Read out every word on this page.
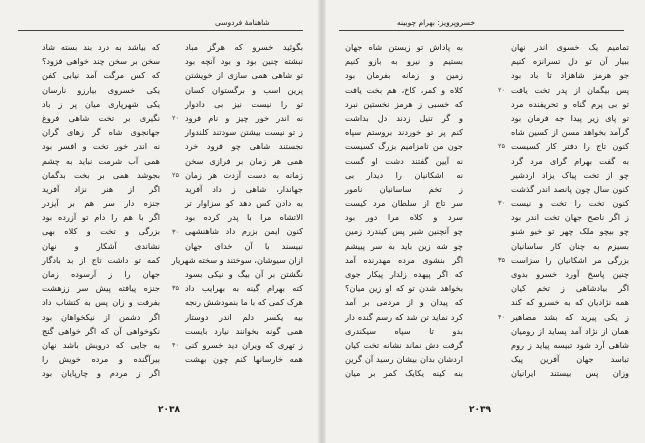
شاهنامهٔ فردوسی
بگوئید خسرو که هرگز مباد
نبشته چنین بود و بود آنچه بود
تو شاهی همی سازی از خویشتن
پرین اسب و برگستوان کسان
تو را نیست نیز بی دادوار
نه اندر خور چیز و نام فرود
ز تو نیست بیشتن سودتند کلندوار
نجستند شاهی چو فرود خرد
همی هر زمان بر فرازی سخن
زمانه به دست آزدت هر زمان
جهاندار، شاهی ز داد آفرید
به دادن کس دهد کو سزاوار تر
الاتشاه مرا با پدر کرده بود
کنون ایمن بزرم داد شاهنشهی
نبیسند با آن خدای جهان
ازان سیوشان، سوختند و سخته شهریار
نگشتن بر آن بیگ و نیکی بسود
کته بهرام گینه به بهرایب داد
هرک کمی که با ما بنمودشش رنجه
بیه یکسر دلم اندر دوستار
همی گونه بخوانند نیارد بایست
ز تهری که ویران دید خسرو کنی
همه خارسانها کنم چون بهشت
که بیاشد به درد بند بسته شاد
سخن بر سخن چند خواهی فزود؟
که کس مرگت آمد نیابی کفن
یکی خسروی بیارزو نارسان
یکی شهرپاری میان پر ز باد
نگیری بر تخت شاهی فروغ
جهانجوی شاه گر زهای گران
نه اندر خور تخت و افسر بود
همی آب شرمت نباید به چشم
بجوشد همی بر بخت بدگمان
اگر از هنر نزاد آفرید
جنزه دار سر هم بر آیزدر
اگر با هم را دام تو آزرده بود
بزرگی و تخت و کلاه بهی
نشاندی آشکار و نهان
کمه تو داشت تاج از بد بادگار
جهان را ز آرسوده زمان
جنزه پیافته پیش سر ززهشت
بفرفت و زان پس به کتشاب داد
اگر دشمن از نیکخواهان بود
نکوخواهی آن که اگر خواهی گنج
به جایی که درویش باشد نهان
بیرآگنده و مرده خویش را
اگر ز مردم و چارپایان بود
۲۰
۲۵
۳۰
۳۵
۴۰
۲۰۳۸
خسروپرویز: بهرام چوبینه
تمامیم یک خسوی اندر نهان
ببیار آن تو دل تسرانزه کنیم
جو هرمز شاهزاد تا باد بود
پس بیگمان از پدر تخت یافت
تو بی پرم گناه و تحریفنده مرد
تو پای زیر پیدا جه فرمان بود
گرآمد بخواهد مسن از کسین شاه
کنون تاج را دفتر کار کسیست
به گفت بهرام گرای مرد گرد
چو از تخت پیاک یزاد اردشیر
کنون سال چون پانصد اندر گذشت
کنون تخت را تخت و نیست
ز اگر ناصح جهان تخت اندر بود
چو بیچو ملک چهر تو خیو شنو
بسیزم به چنان کار ساسانیان
بزرگی مر اشکانیان را سزاست
چنین پاسخ آورد خسرو بدوی
اگر بیادشاهی ز تخم کیان
همه نژادیان که به خسرو که کند
ز یکی پیرید که بشد مصاهیر
همان از نژاد آمد پساید از رومیان
شاهی آرد شود تبیسه پیاید ز روم
تباسد جهان آفرین پیک
وزان پس بیستند ایرانیان
به پاداش تو زیستن شاه جهان
بستیم و نیرو به بازو کنیم
زمین و زمانه بفرمان بود
کلاه و کمر، کاخ، هم بخت یافت
که خسبی ز هرمز نخستین نبرد
و گر تنیل زدند دل بداشت
کنم پر تو خوردند بروستم سپاه
جون من تامزامیم بزرگ کسیست
نه آیین گفتند دشت او گست
نه اشکانیان را دیدار بی
ز تخم ساسانیان نامور
سر تاج از سلطان مرد کیست
سرد و کلاه مرا دور بود
چو آنچنین شیر پس کیندرد زمین
چو شه زین باید به سر پییشم
اگر بنشوی مرده مهدرنده آمد
که اگر پیهده زلدار پیکار جوی
بخواهد شدن تو که او زین میان؟
که پیدان و از مردمی بر آمد
کرد نماید تن شد که رسم گنده دار
بدو تا سپاه سیکندری
گرفت دش نماند نشانه تخت کیان
اردشان بدان بیشان رسید آن گرین
بنه کینه یکایک کمر بر میان
۲۰
۲۵
۳۰
۳۵
۴۰
۲۰۳۹
